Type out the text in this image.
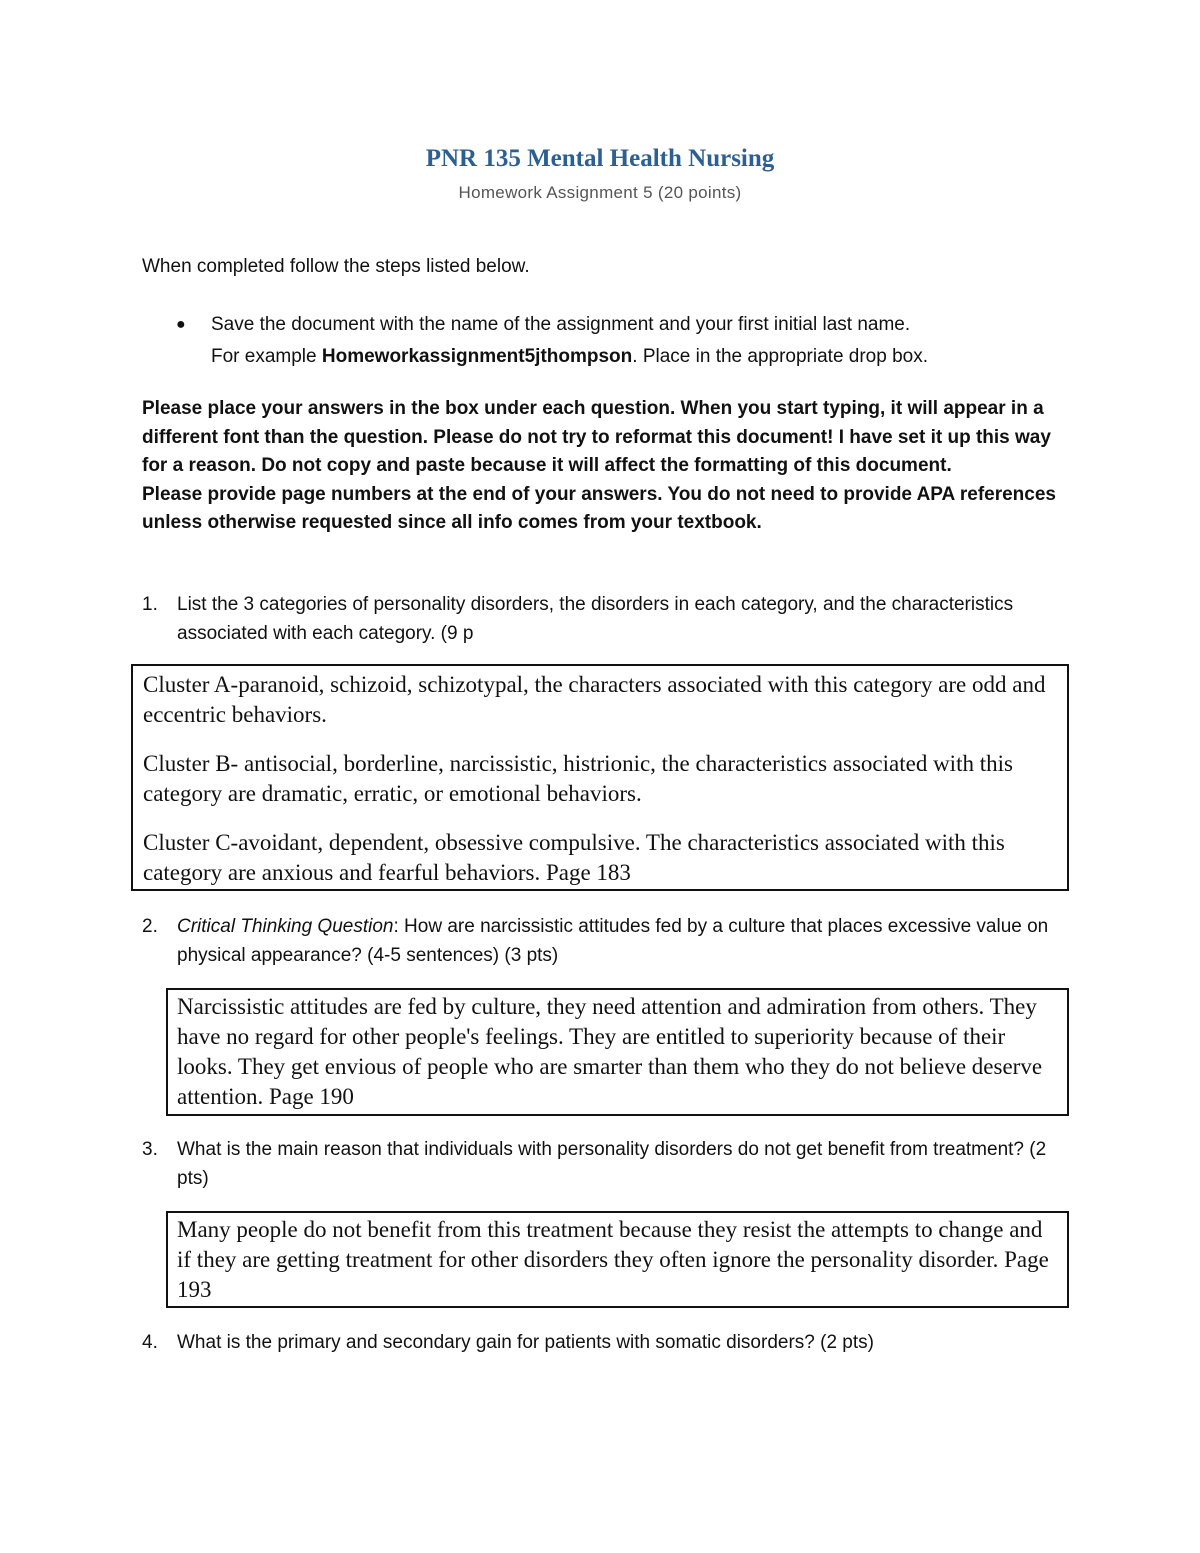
PNR 135 Mental Health Nursing
Homework Assignment 5 (20 points)

When completed follow the steps listed below.

● Save the document with the name of the assignment and your first initial last name.
For example Homeworkassignment5jthompson. Place in the appropriate drop box.
Please place your answers in the box under each question. When you start typing, it will appear in a different font than the question. Please do not try to reformat this document! I have set it up this way for a reason. Do not copy and paste because it will affect the formatting of this document.
Please provide page numbers at the end of your answers. You do not need to provide APA references unless otherwise requested since all info comes from your textbook.
1. List the 3 categories of personality disorders, the disorders in each category, and the characteristics associated with each category. (9 p

Cluster A-paranoid, schizoid, schizotypal, the characters associated with this category are odd and eccentric behaviors.

Cluster B- antisocial, borderline, narcissistic, histrionic, the characteristics associated with this category are dramatic, erratic, or emotional behaviors.

Cluster C-avoidant, dependent, obsessive compulsive. The characteristics associated with this category are anxious and fearful behaviors. Page 183

2. Critical Thinking Question: How are narcissistic attitudes fed by a culture that places excessive value on physical appearance? (4-5 sentences) (3 pts)

Narcissistic attitudes are fed by culture, they need attention and admiration from others. They have no regard for other people's feelings. They are entitled to superiority because of their looks. They get envious of people who are smarter than them who they do not believe deserve attention. Page 190

3. What is the main reason that individuals with personality disorders do not get benefit from treatment? (2 pts)

Many people do not benefit from this treatment because they resist the attempts to change and if they are getting treatment for other disorders they often ignore the personality disorder. Page 193

4. What is the primary and secondary gain for patients with somatic disorders? (2 pts)
